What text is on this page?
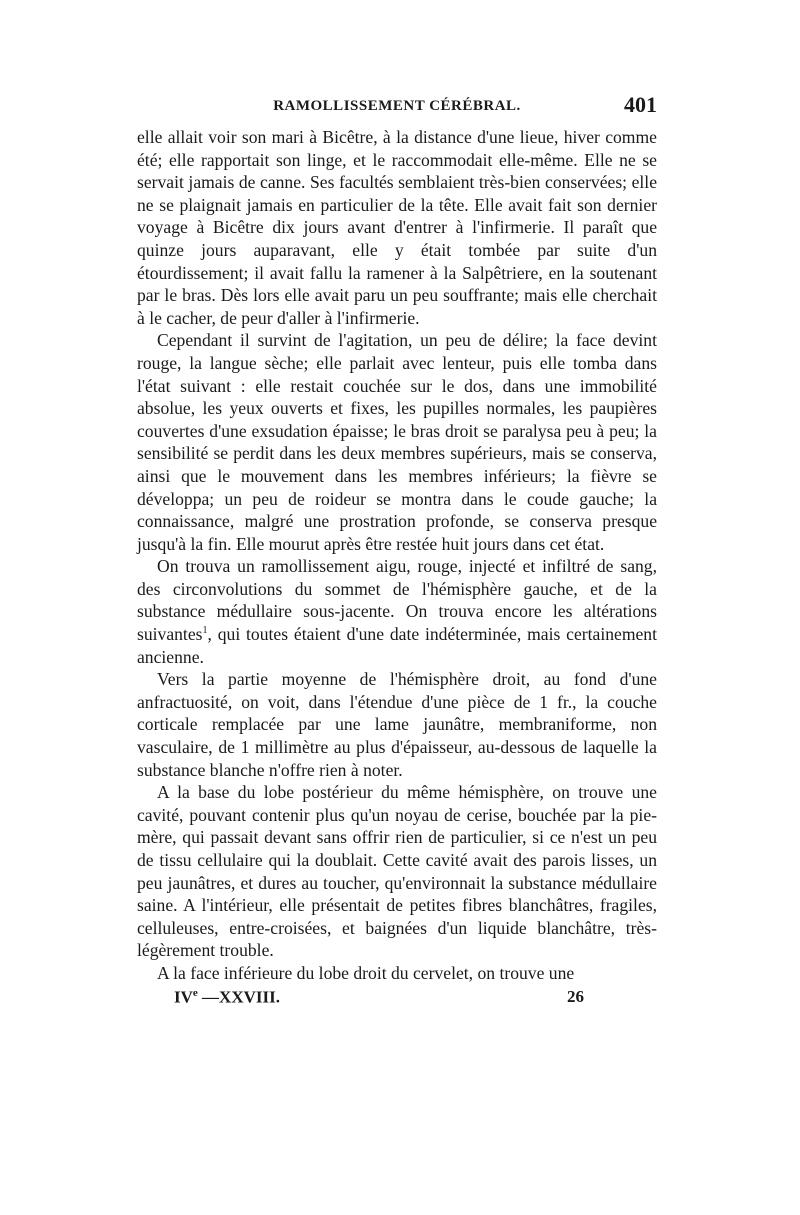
RAMOLLISSEMENT CÉRÉBRAL.	401

elle allait voir son mari à Bicêtre, à la distance d'une lieue, hiver comme été; elle rapportait son linge, et le raccommodait elle-même. Elle ne se servait jamais de canne. Ses facultés semblaient très-bien conservées; elle ne se plaignait jamais en particulier de la tête. Elle avait fait son dernier voyage à Bicêtre dix jours avant d'entrer à l'infirmerie. Il paraît que quinze jours auparavant, elle y était tombée par suite d'un étourdissement; il avait fallu la ramener à la Salpêtriere, en la soutenant par le bras. Dès lors elle avait paru un peu souffrante; mais elle cherchait à le cacher, de peur d'aller à l'infirmerie.

Cependant il survint de l'agitation, un peu de délire; la face devint rouge, la langue sèche; elle parlait avec lenteur, puis elle tomba dans l'état suivant : elle restait couchée sur le dos, dans une immobilité absolue, les yeux ouverts et fixes, les pupilles normales, les paupières couvertes d'une exsudation épaisse; le bras droit se paralysa peu à peu; la sensibilité se perdit dans les deux membres supérieurs, mais se conserva, ainsi que le mouvement dans les membres inférieurs; la fièvre se développa; un peu de roideur se montra dans le coude gauche; la connaissance, malgré une prostration profonde, se conserva presque jusqu'à la fin. Elle mourut après être restée huit jours dans cet état.

On trouva un ramollissement aigu, rouge, injecté et infiltré de sang, des circonvolutions du sommet de l'hémisphère gauche, et de la substance médullaire sous-jacente. On trouva encore les altérations suivantes$^1$, qui toutes étaient d'une date indéterminée, mais certainement ancienne.

Vers la partie moyenne de l'hémisphère droit, au fond d'une anfractuosité, on voit, dans l'étendue d'une pièce de 1 fr., la couche corticale remplacée par une lame jaunâtre, membraniforme, non vasculaire, de 1 millimètre au plus d'épaisseur, au-dessous de laquelle la substance blanche n'offre rien à noter.

A la base du lobe postérieur du même hémisphère, on trouve une cavité, pouvant contenir plus qu'un noyau de cerise, bouchée par la pie-mère, qui passait devant sans offrir rien de particulier, si ce n'est un peu de tissu cellulaire qui la doublait. Cette cavité avait des parois lisses, un peu jaunâtres, et dures au toucher, qu'environnait la substance médullaire saine. A l'intérieur, elle présentait de petites fibres blanchâtres, fragiles, celluleuses, entre-croisées, et baignées d'un liquide blanchâtre, très-légèrement trouble.

A la face inférieure du lobe droit du cervelet, on trouve une

IVe —XXVIII.	26
